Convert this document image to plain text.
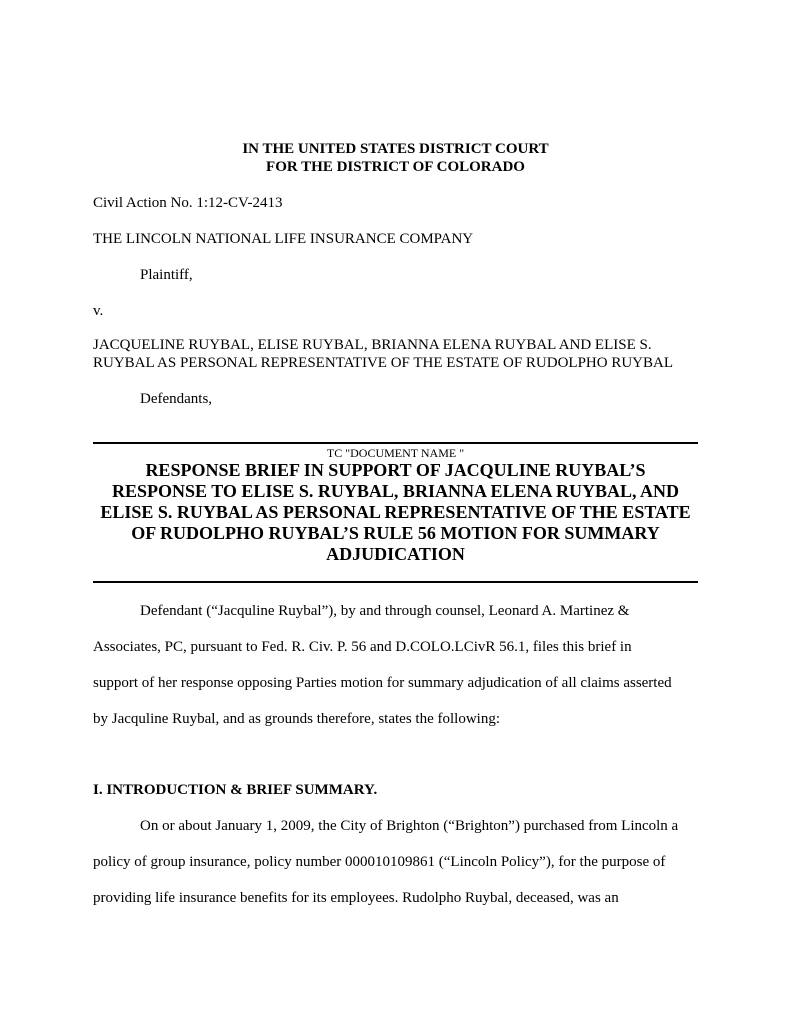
IN THE UNITED STATES DISTRICT COURT

FOR THE DISTRICT OF COLORADO

Civil Action No. 1:12-CV-2413

THE LINCOLN NATIONAL LIFE INSURANCE COMPANY

Plaintiff,

v.

JACQUELINE RUYBAL, ELISE RUYBAL, BRIANNA ELENA RUYBAL AND ELISE S.

RUYBAL AS PERSONAL REPRESENTATIVE OF THE ESTATE OF RUDOLPHO RUYBAL

Defendants,

TC "DOCUMENT NAME "

RESPONSE BRIEF IN SUPPORT OF JACQULINE RUYBAL’S
RESPONSE TO ELISE S. RUYBAL, BRIANNA ELENA RUYBAL, AND
ELISE S. RUYBAL AS PERSONAL REPRESENTATIVE OF THE ESTATE
OF RUDOLPHO RUYBAL’S RULE 56 MOTION FOR SUMMARY
ADJUDICATION

Defendant (“Jacquline Ruybal”), by and through counsel, Leonard A. Martinez &

Associates, PC, pursuant to Fed. R. Civ. P. 56 and D.COLO.LCivR 56.1, files this brief in

support of her response opposing Parties motion for summary adjudication of all claims asserted

by Jacquline Ruybal, and as grounds therefore, states the following:

I. INTRODUCTION & BRIEF SUMMARY.

On or about January 1, 2009, the City of Brighton (“Brighton”) purchased from Lincoln a

policy of group insurance, policy number 000010109861 (“Lincoln Policy”), for the purpose of

providing life insurance benefits for its employees. Rudolpho Ruybal, deceased, was an
